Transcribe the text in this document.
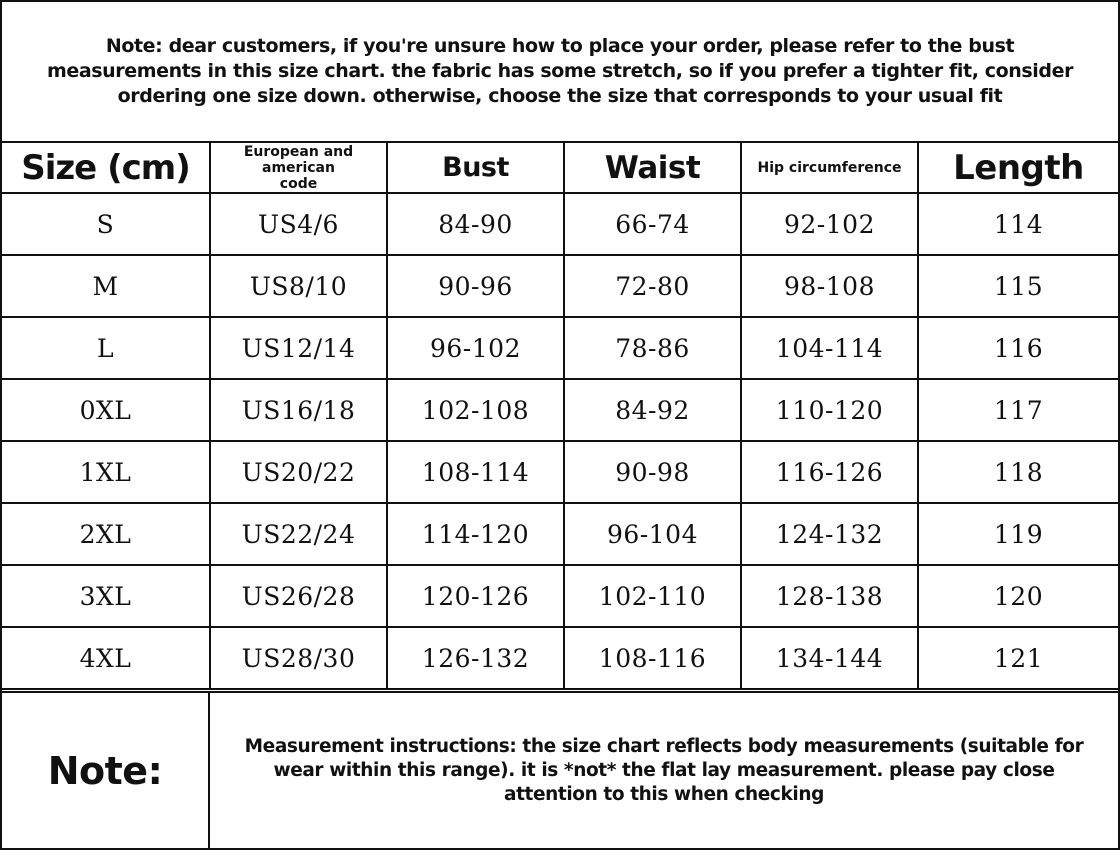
Note: dear customers, if you're unsure how to place your order, please refer to the bust measurements in this size chart. the fabric has some stretch, so if you prefer a tighter fit, consider ordering one size down. otherwise, choose the size that corresponds to your usual fit

Size (cm)	European and american code	Bust	Waist	Hip circumference	Length
S	US4/6	84-90	66-74	92-102	114
M	US8/10	90-96	72-80	98-108	115
L	US12/14	96-102	78-86	104-114	116
0XL	US16/18	102-108	84-92	110-120	117
1XL	US20/22	108-114	90-98	116-126	118
2XL	US22/24	114-120	96-104	124-132	119
3XL	US26/28	120-126	102-110	128-138	120
4XL	US28/30	126-132	108-116	134-144	121
Note:

Measurement instructions: the size chart reflects body measurements (suitable for wear within this range). it is *not* the flat lay measurement. please pay close attention to this when checking
